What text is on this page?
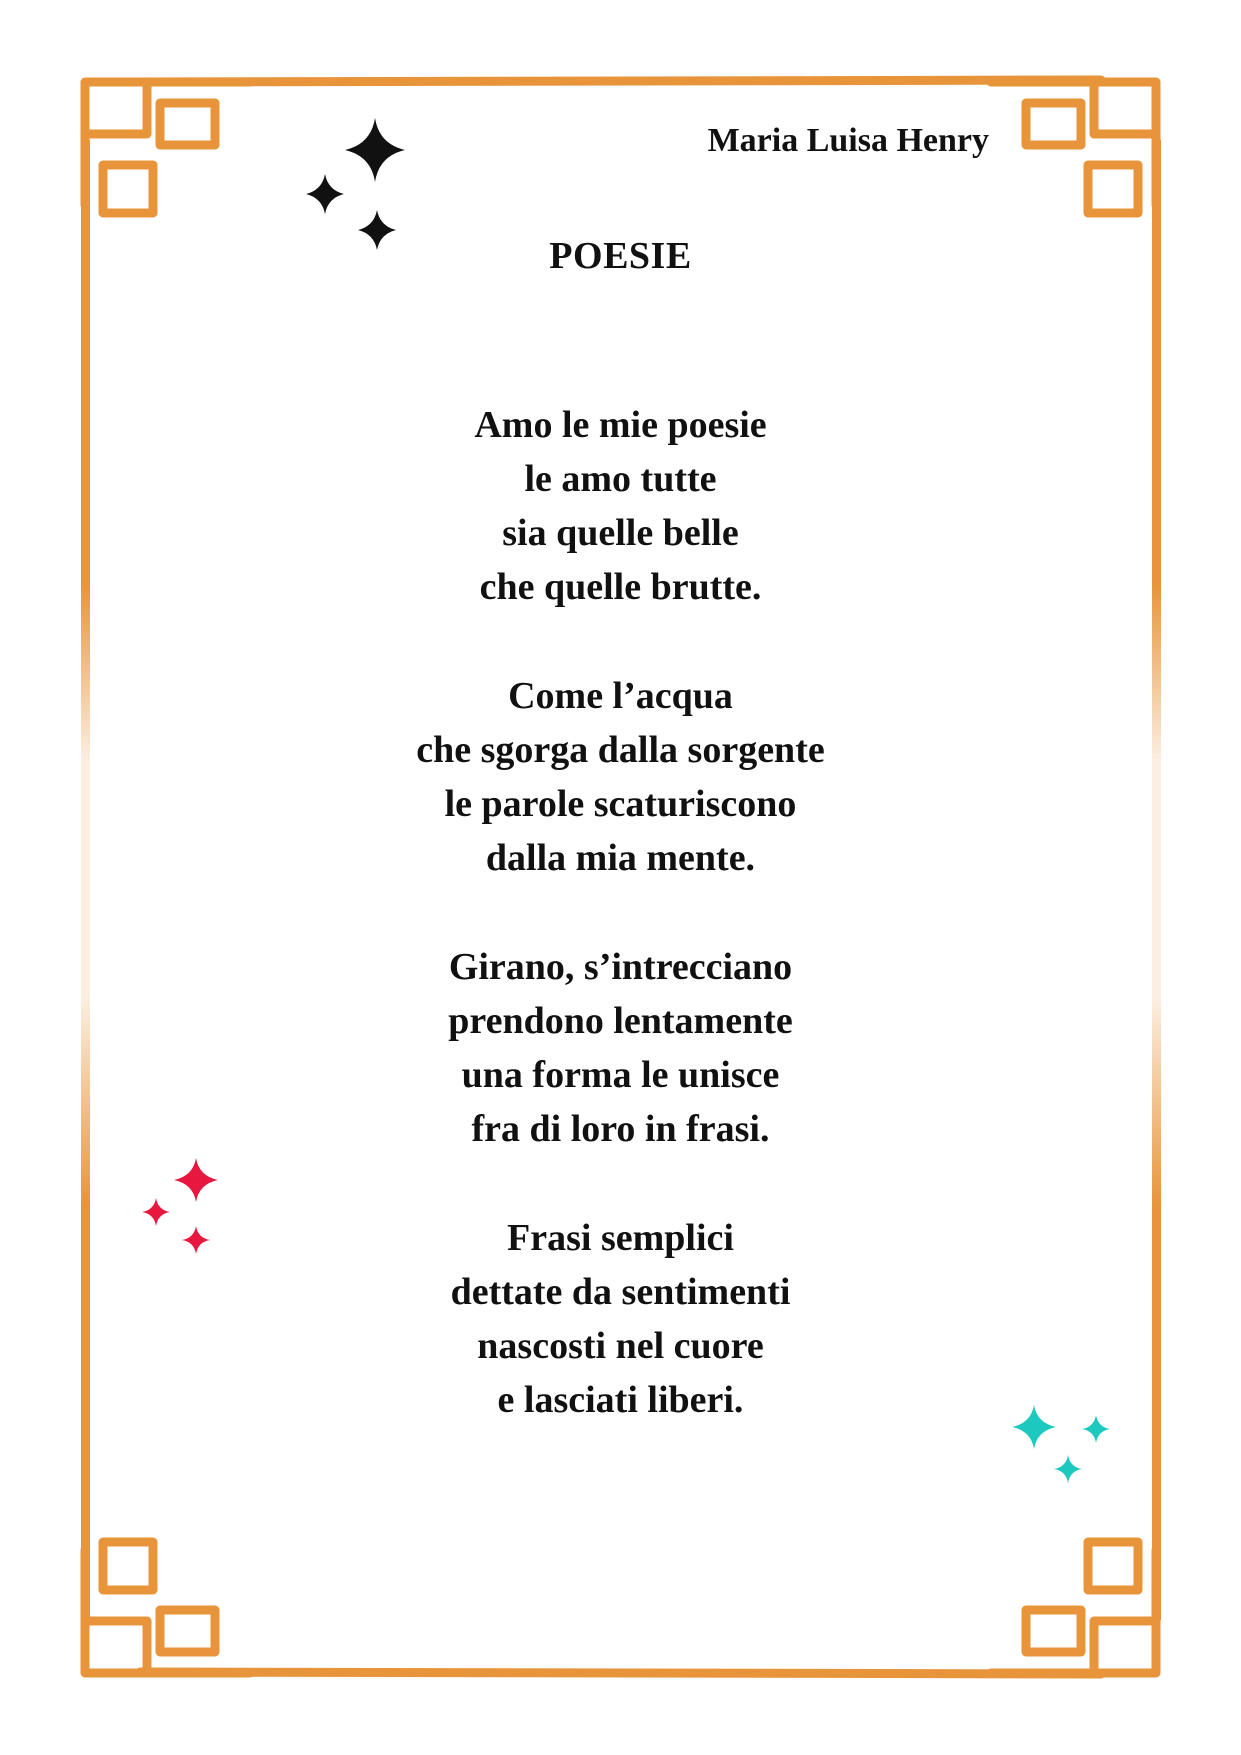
Maria Luisa Henry

POESIE

Amo le mie poesie
le amo tutte
sia quelle belle
che quelle brutte.

Come l’acqua
che sgorga dalla sorgente
le parole scaturiscono
dalla mia mente.

Girano, s’intrecciano
prendono lentamente
una forma le unisce
fra di loro in frasi.

Frasi semplici
dettate da sentimenti
nascosti nel cuore
e lasciati liberi.
